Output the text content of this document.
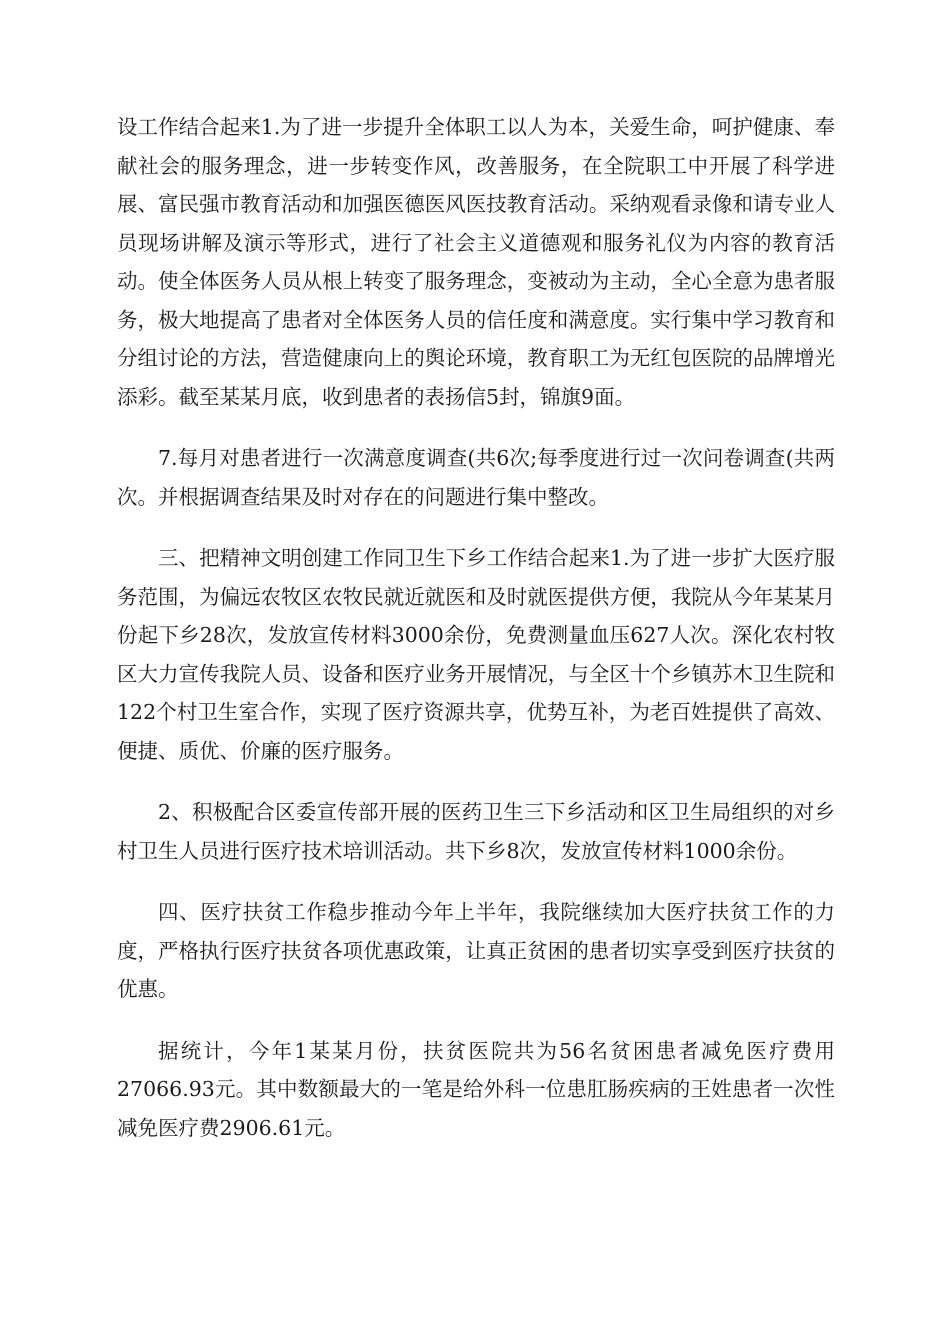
设工作结合起来1.为了进一步提升全体职工以人为本，关爱生命，呵护健康、奉献社会的服务理念，进一步转变作风，改善服务，在全院职工中开展了科学进展、富民强市教育活动和加强医德医风医技教育活动。采纳观看录像和请专业人员现场讲解及演示等形式，进行了社会主义道德观和服务礼仪为内容的教育活动。使全体医务人员从根上转变了服务理念，变被动为主动，全心全意为患者服务，极大地提高了患者对全体医务人员的信任度和满意度。实行集中学习教育和分组讨论的方法，营造健康向上的舆论环境，教育职工为无红包医院的品牌增光添彩。截至某某月底，收到患者的表扬信5封，锦旗9面。

7.每月对患者进行一次满意度调查(共6次;每季度进行过一次问卷调查(共两次。并根据调查结果及时对存在的问题进行集中整改。

三、把精神文明创建工作同卫生下乡工作结合起来1.为了进一步扩大医疗服务范围，为偏远农牧区农牧民就近就医和及时就医提供方便，我院从今年某某月份起下乡28次，发放宣传材料3000余份，免费测量血压627人次。深化农村牧区大力宣传我院人员、设备和医疗业务开展情况，与全区十个乡镇苏木卫生院和122个村卫生室合作，实现了医疗资源共享，优势互补，为老百姓提供了高效、便捷、质优、价廉的医疗服务。

2、积极配合区委宣传部开展的医药卫生三下乡活动和区卫生局组织的对乡村卫生人员进行医疗技术培训活动。共下乡8次，发放宣传材料1000余份。

四、医疗扶贫工作稳步推动今年上半年，我院继续加大医疗扶贫工作的力度，严格执行医疗扶贫各项优惠政策，让真正贫困的患者切实享受到医疗扶贫的优惠。

据统计，今年1某某月份，扶贫医院共为56名贫困患者减免医疗费用27066.93元。其中数额最大的一笔是给外科一位患肛肠疾病的王姓患者一次性减免医疗费2906.61元。
